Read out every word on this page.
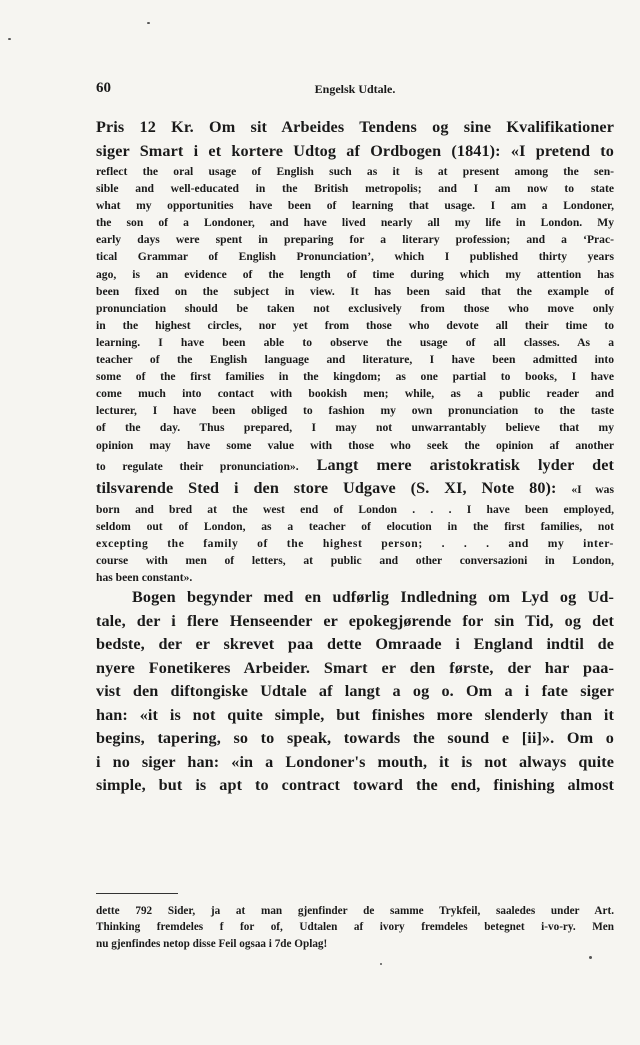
60	Engelsk Udtale.
Pris 12 Kr. Om sit Arbeides Tendens og sine Kvalifikationer
siger Smart i et kortere Udtog af Ordbogen (1841): «I pretend to
reflect the oral usage of English such as it is at present among the sen-
sible and well-educated in the British metropolis; and I am now to state
what my opportunities have been of learning that usage. I am a Londoner,
the son of a Londoner, and have lived nearly all my life in London. My
early days were spent in preparing for a literary profession; and a ‘Prac-
tical Grammar of English Pronunciation’, which I published thirty years
ago, is an evidence of the length of time during which my attention has
been fixed on the subject in view. It has been said that the example of
pronunciation should be taken not exclusively from those who move only
in the highest circles, nor yet from those who devote all their time to
learning. I have been able to observe the usage of all classes. As a
teacher of the English language and literature, I have been admitted into
some of the first families in the kingdom; as one partial to books, I have
come much into contact with bookish men; while, as a public reader and
lecturer, I have been obliged to fashion my own pronunciation to the taste
of the day. Thus prepared, I may not unwarrantably believe that my
opinion may have some value with those who seek the opinion af another
to regulate their pronunciation». Langt mere aristokratisk lyder det
tilsvarende Sted i den store Udgave (S. XI, Note 80): «I was
born and bred at the west end of London . . . I have been employed,
seldom out of London, as a teacher of elocution in the first families, not
excepting the family of the highest person; . . . and my inter-
course with men of letters, at public and other conversazioni in London,
has been constant».
Bogen begynder med en udførlig Indledning om Lyd og Ud-
tale, der i flere Henseender er epokegjørende for sin Tid, og det
bedste, der er skrevet paa dette Omraade i England indtil de
nyere Fonetikeres Arbeider. Smart er den første, der har paa-
vist den diftongiske Udtale af langt a og o. Om a i fate siger
han: «it is not quite simple, but finishes more slenderly than it
begins, tapering, so to speak, towards the sound e [ii]». Om o
i no siger han: «in a Londoner's mouth, it is not always quite
simple, but is apt to contract toward the end, finishing almost
dette 792 Sider, ja at man gjenfinder de samme Trykfeil, saaledes under Art.
Thinking fremdeles f for of, Udtalen af ivory fremdeles betegnet i-vo-ry. Men
nu gjenfindes netop disse Feil ogsaa i 7de Oplag!
